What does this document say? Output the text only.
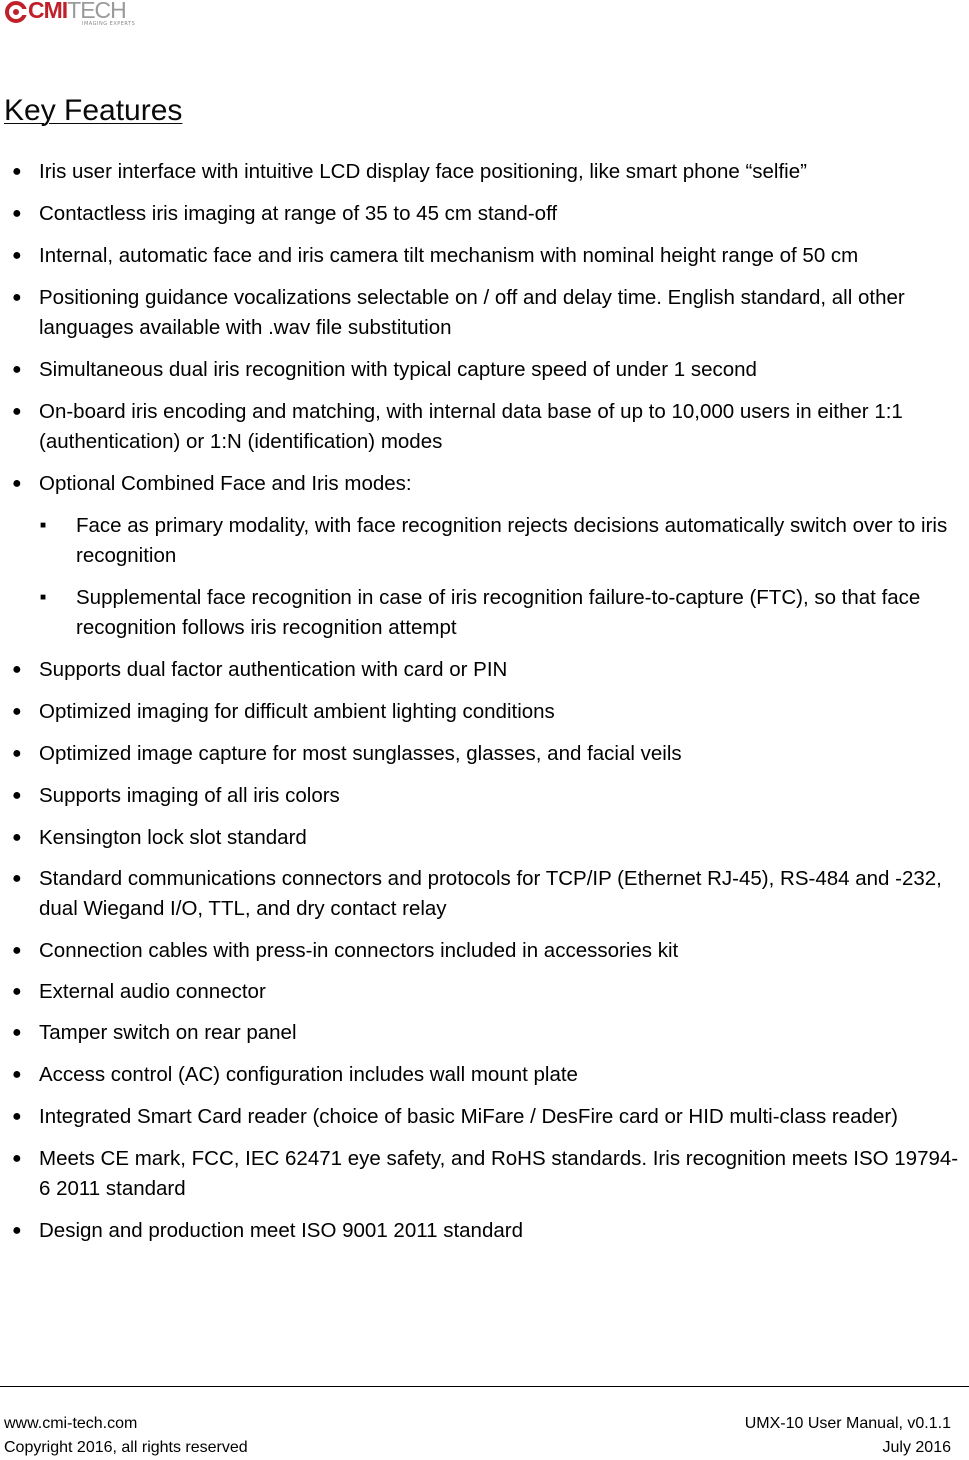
CMITECH
IMAGING EXPERTS
Key Features
● Iris user interface with intuitive LCD display face positioning, like smart phone “selfie”
● Contactless iris imaging at range of 35 to 45 cm stand-off
● Internal, automatic face and iris camera tilt mechanism with nominal height range of 50 cm
● Positioning guidance vocalizations selectable on / off and delay time. English standard, all other languages available with .wav file substitution
● Simultaneous dual iris recognition with typical capture speed of under 1 second
● On-board iris encoding and matching, with internal data base of up to 10,000 users in either 1:1 (authentication) or 1:N (identification) modes
● Optional Combined Face and Iris modes:
■ Face as primary modality, with face recognition rejects decisions automatically switch over to iris recognition
■ Supplemental face recognition in case of iris recognition failure-to-capture (FTC), so that face recognition follows iris recognition attempt
● Supports dual factor authentication with card or PIN
● Optimized imaging for difficult ambient lighting conditions
● Optimized image capture for most sunglasses, glasses, and facial veils
● Supports imaging of all iris colors
● Kensington lock slot standard
● Standard communications connectors and protocols for TCP/IP (Ethernet RJ-45), RS-484 and -232, dual Wiegand I/O, TTL, and dry contact relay
● Connection cables with press-in connectors included in accessories kit
● External audio connector
● Tamper switch on rear panel
● Access control (AC) configuration includes wall mount plate
● Integrated Smart Card reader (choice of basic MiFare / DesFire card or HID multi-class reader)
● Meets CE mark, FCC, IEC 62471 eye safety, and RoHS standards. Iris recognition meets ISO 19794-6 2011 standard
● Design and production meet ISO 9001 2011 standard
www.cmi-tech.com
Copyright 2016, all rights reserved
UMX-10 User Manual, v0.1.1
July 2016
